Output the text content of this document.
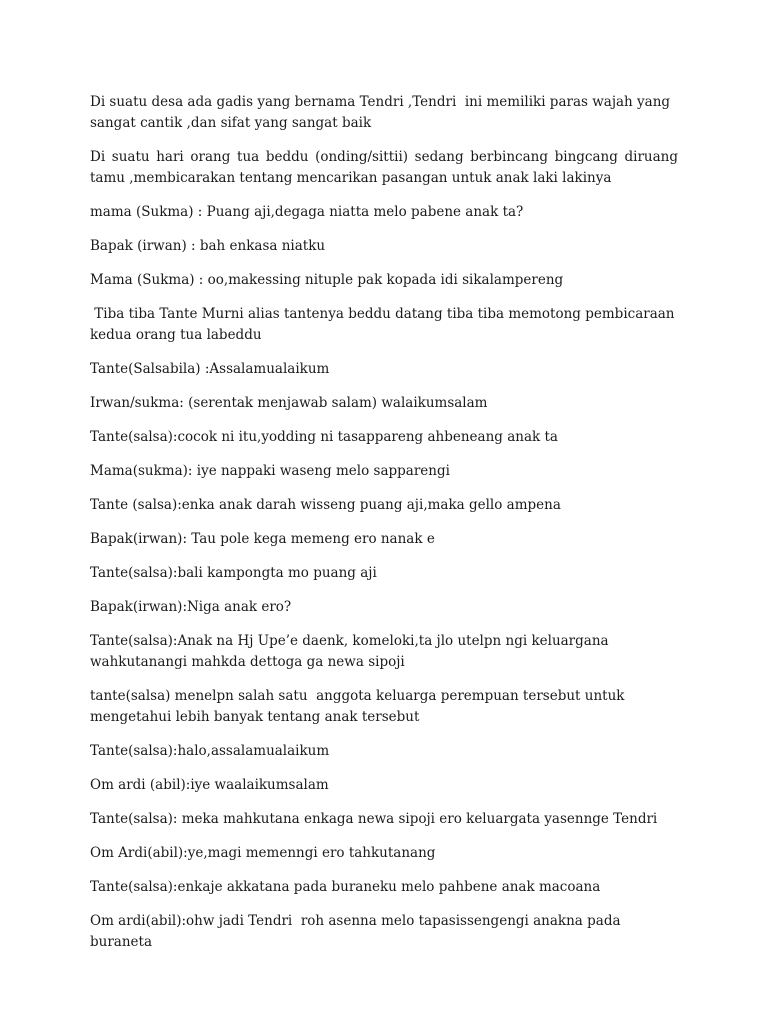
Di suatu desa ada gadis yang bernama Tendri ,Tendri  ini memiliki paras wajah yang sangat cantik ,dan sifat yang sangat baik

Di suatu hari orang tua beddu (onding/sittii) sedang berbincang bingcang diruang tamu ,membicarakan tentang mencarikan pasangan untuk anak laki lakinya

mama (Sukma) : Puang aji,degaga niatta melo pabene anak ta?

Bapak (irwan) : bah enkasa niatku

Mama (Sukma) : oo,makessing nituple pak kopada idi sikalampereng

Tiba tiba Tante Murni alias tantenya beddu datang tiba tiba memotong pembicaraan kedua orang tua labeddu

Tante(Salsabila) :Assalamualaikum

Irwan/sukma: (serentak menjawab salam) walaikumsalam

Tante(salsa):cocok ni itu,yodding ni tasappareng ahbeneang anak ta

Mama(sukma): iye nappaki waseng melo sapparengi

Tante (salsa):enka anak darah wisseng puang aji,maka gello ampena

Bapak(irwan): Tau pole kega memeng ero nanak e

Tante(salsa):bali kampongta mo puang aji

Bapak(irwan):Niga anak ero?

Tante(salsa):Anak na Hj Upe’e daenk, komeloki,ta jlo utelpn ngi keluargana wahkutanangi mahkda dettoga ga newa sipoji

tante(salsa) menelpn salah satu  anggota keluarga perempuan tersebut untuk mengetahui lebih banyak tentang anak tersebut

Tante(salsa):halo,assalamualaikum

Om ardi (abil):iye waalaikumsalam

Tante(salsa): meka mahkutana enkaga newa sipoji ero keluargata yasennge Tendri

Om Ardi(abil):ye,magi memenngi ero tahkutanang

Tante(salsa):enkaje akkatana pada buraneku melo pahbene anak macoana

Om ardi(abil):ohw jadi Tendri  roh asenna melo tapasissengengi anakna pada buraneta
